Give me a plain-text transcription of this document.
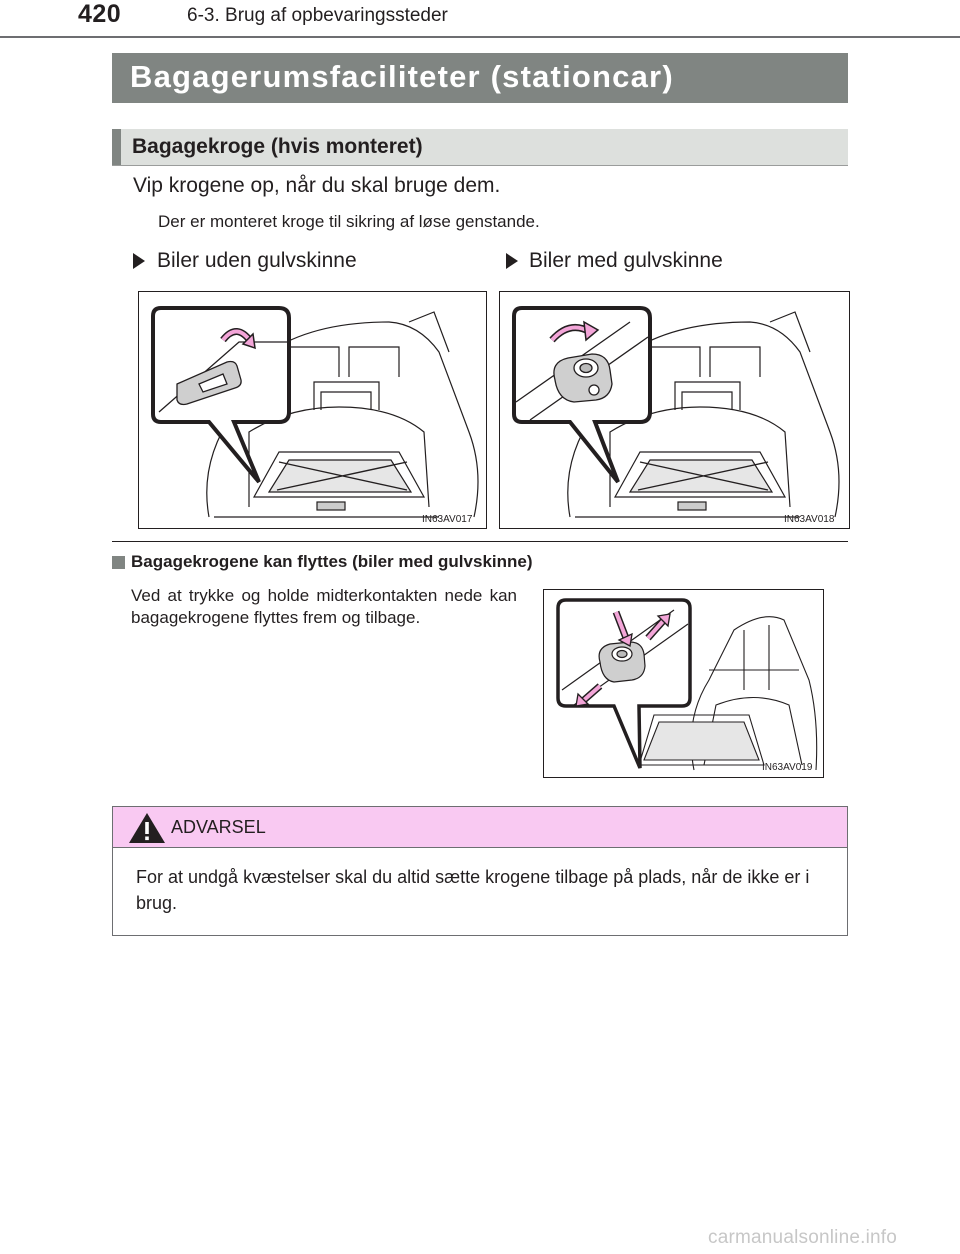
420	6-3. Brug af opbevaringssteder
Bagagerumsfaciliteter (stationcar)
Bagagekroge (hvis monteret)
Vip krogene op, når du skal bruge dem.
Der er monteret kroge til sikring af løse genstande.
Biler uden gulvskinne	Biler med gulvskinne
IN63AV017	IN63AV018
Bagagekrogene kan flyttes (biler med gulvskinne)
Ved at trykke og holde midterkontakten nede kan bagagekrogene flyttes frem og tilbage.
IN63AV019
ADVARSEL
For at undgå kvæstelser skal du altid sætte krogene tilbage på plads, når de ikke er i brug.
carmanualsonline.info
